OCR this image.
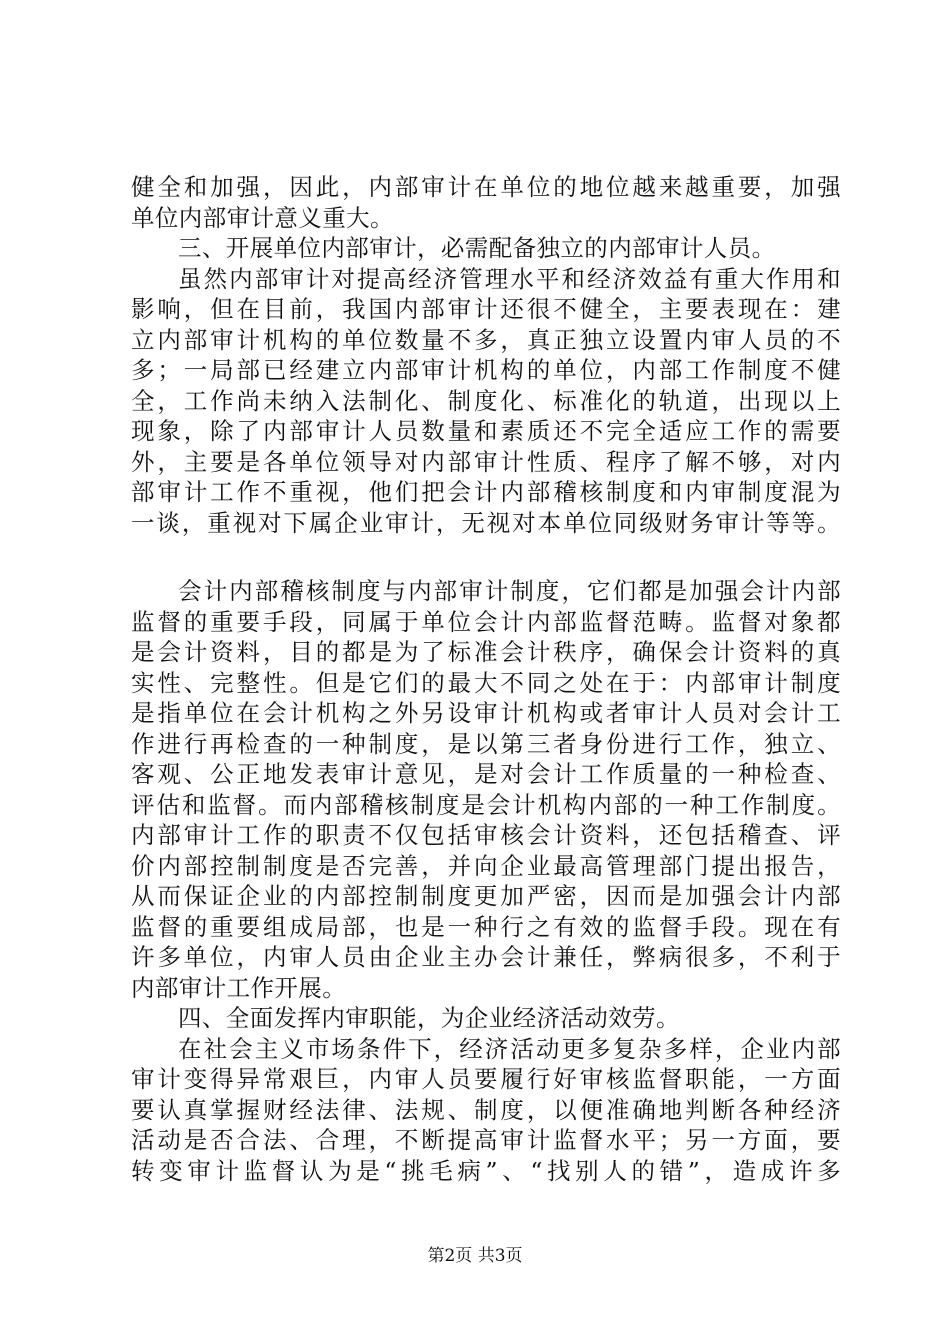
健全和加强，因此，内部审计在单位的地位越来越重要，加强
单位内部审计意义重大。
三、开展单位内部审计，必需配备独立的内部审计人员。
虽然内部审计对提高经济管理水平和经济效益有重大作用和
影响，但在目前，我国内部审计还很不健全，主要表现在：建
立内部审计机构的单位数量不多，真正独立设置内审人员的不
多；一局部已经建立内部审计机构的单位，内部工作制度不健
全，工作尚未纳入法制化、制度化、标准化的轨道，出现以上
现象，除了内部审计人员数量和素质还不完全适应工作的需要
外，主要是各单位领导对内部审计性质、程序了解不够，对内
部审计工作不重视，他们把会计内部稽核制度和内审制度混为
一谈，重视对下属企业审计，无视对本单位同级财务审计等等。
会计内部稽核制度与内部审计制度，它们都是加强会计内部
监督的重要手段，同属于单位会计内部监督范畴。监督对象都
是会计资料，目的都是为了标准会计秩序，确保会计资料的真
实性、完整性。但是它们的最大不同之处在于：内部审计制度
是指单位在会计机构之外另设审计机构或者审计人员对会计工
作进行再检查的一种制度，是以第三者身份进行工作，独立、
客观、公正地发表审计意见，是对会计工作质量的一种检查、
评估和监督。而内部稽核制度是会计机构内部的一种工作制度。
内部审计工作的职责不仅包括审核会计资料，还包括稽查、评
价内部控制制度是否完善，并向企业最高管理部门提出报告，
从而保证企业的内部控制制度更加严密，因而是加强会计内部
监督的重要组成局部，也是一种行之有效的监督手段。现在有
许多单位，内审人员由企业主办会计兼任，弊病很多，不利于
内部审计工作开展。
四、全面发挥内审职能，为企业经济活动效劳。
在社会主义市场条件下，经济活动更多复杂多样，企业内部
审计变得异常艰巨，内审人员要履行好审核监督职能，一方面
要认真掌握财经法律、法规、制度，以便准确地判断各种经济
活动是否合法、合理，不断提高审计监督水平；另一方面，要
转变审计监督认为是“挑毛病”、“找别人的错”，造成许多
第2页 共3页
